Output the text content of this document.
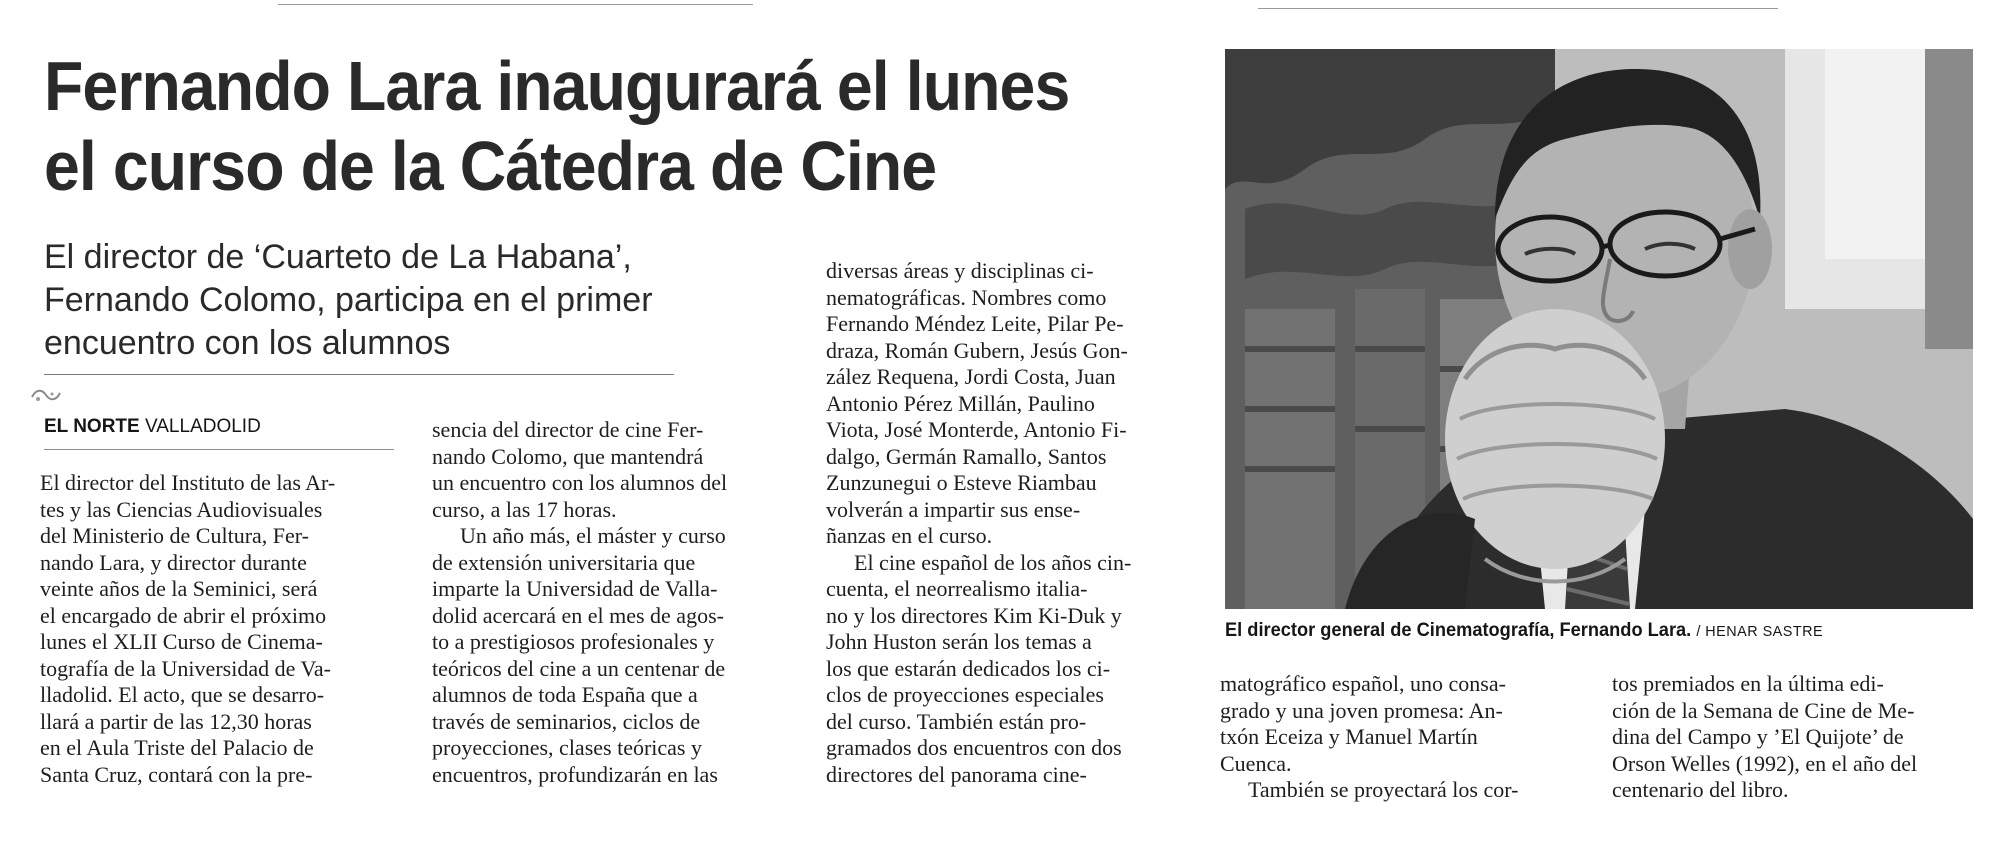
Fernando Lara inaugurará el lunes
el curso de la Cátedra de Cine
El director de ‘Cuarteto de La Habana’,
Fernando Colomo, participa en el primer
encuentro con los alumnos
EL NORTE VALLADOLID
El director del Instituto de las Ar-
tes y las Ciencias Audiovisuales
del Ministerio de Cultura, Fer-
nando Lara, y director durante
veinte años de la Seminici, será
el encargado de abrir el próximo
lunes el XLII Curso de Cinema-
tografía de la Universidad de Va-
lladolid. El acto, que se desarro-
llará a partir de las 12,30 horas
en el Aula Triste del Palacio de
Santa Cruz, contará con la pre-
sencia del director de cine Fer-
nando Colomo, que mantendrá
un encuentro con los alumnos del
curso, a las 17 horas.
Un año más, el máster y curso
de extensión universitaria que
imparte la Universidad de Valla-
dolid acercará en el mes de agos-
to a prestigiosos profesionales y
teóricos del cine a un centenar de
alumnos de toda España que a
través de seminarios, ciclos de
proyecciones, clases teóricas y
encuentros, profundizarán en las
diversas áreas y disciplinas ci-
nematográficas. Nombres como
Fernando Méndez Leite, Pilar Pe-
draza, Román Gubern, Jesús Gon-
zález Requena, Jordi Costa, Juan
Antonio Pérez Millán, Paulino
Viota, José Monterde, Antonio Fi-
dalgo, Germán Ramallo, Santos
Zunzunegui o Esteve Riambau
volverán a impartir sus ense-
ñanzas en el curso.
El cine español de los años cin-
cuenta, el neorrealismo italia-
no y los directores Kim Ki-Duk y
John Huston serán los temas a
los que estarán dedicados los ci-
clos de proyecciones especiales
del curso. También están pro-
gramados dos encuentros con dos
directores del panorama cine-
El director general de Cinematografía, Fernando Lara. / HENAR SASTRE
matográfico español, uno consa-
grado y una joven promesa: An-
txón Eceiza y Manuel Martín
Cuenca.
También se proyectará los cor-
tos premiados en la última edi-
ción de la Semana de Cine de Me-
dina del Campo y ’El Quijote’ de
Orson Welles (1992), en el año del
centenario del libro.
